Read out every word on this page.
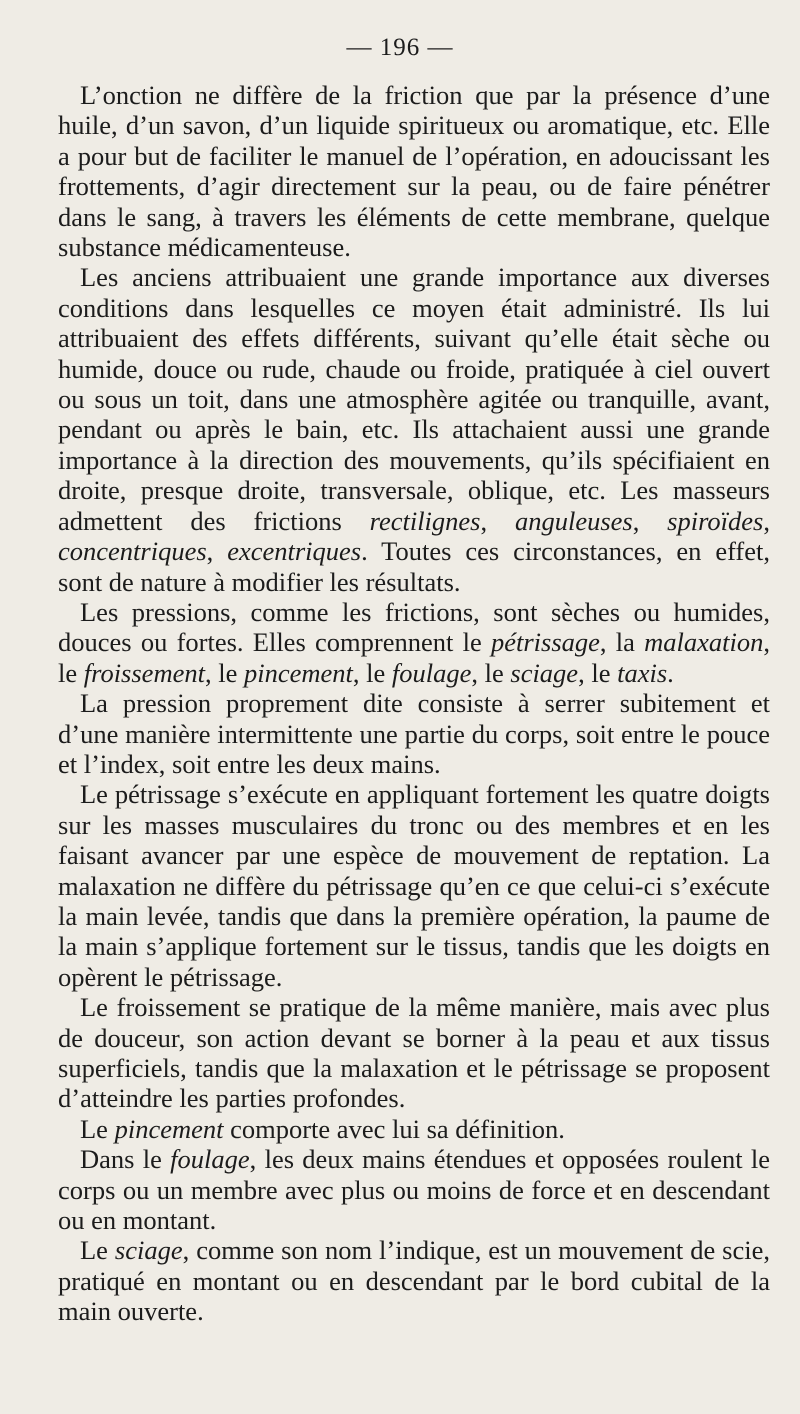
— 196 —

L’onction ne diffère de la friction que par la présence d’une huile, d’un savon, d’un liquide spiritueux ou aromatique, etc. Elle a pour but de faciliter le manuel de l’opération, en adoucissant les frottements, d’agir directement sur la peau, ou de faire pénétrer dans le sang, à travers les éléments de cette membrane, quelque substance médicamenteuse.

Les anciens attribuaient une grande importance aux diverses conditions dans lesquelles ce moyen était administré. Ils lui attribuaient des effets différents, suivant qu’elle était sèche ou humide, douce ou rude, chaude ou froide, pratiquée à ciel ouvert ou sous un toit, dans une atmosphère agitée ou tranquille, avant, pendant ou après le bain, etc. Ils attachaient aussi une grande importance à la direction des mouvements, qu’ils spécifiaient en droite, presque droite, transversale, oblique, etc. Les masseurs admettent des frictions rectilignes, anguleuses, spiroïdes, concentriques, excentriques. Toutes ces circonstances, en effet, sont de nature à modifier les résultats.

Les pressions, comme les frictions, sont sèches ou humides, douces ou fortes. Elles comprennent le pétrissage, la malaxation, le froissement, le pincement, le foulage, le sciage, le taxis.

La pression proprement dite consiste à serrer subitement et d’une manière intermittente une partie du corps, soit entre le pouce et l’index, soit entre les deux mains.

Le pétrissage s’exécute en appliquant fortement les quatre doigts sur les masses musculaires du tronc ou des membres et en les faisant avancer par une espèce de mouvement de reptation. La malaxation ne diffère du pétrissage qu’en ce que celui-ci s’exécute la main levée, tandis que dans la première opération, la paume de la main s’applique fortement sur le tissus, tandis que les doigts en opèrent le pétrissage.

Le froissement se pratique de la même manière, mais avec plus de douceur, son action devant se borner à la peau et aux tissus superficiels, tandis que la malaxation et le pétrissage se proposent d’atteindre les parties profondes.

Le pincement comporte avec lui sa définition.

Dans le foulage, les deux mains étendues et opposées roulent le corps ou un membre avec plus ou moins de force et en descendant ou en montant.

Le sciage, comme son nom l’indique, est un mouvement de scie, pratiqué en montant ou en descendant par le bord cubital de la main ouverte.
